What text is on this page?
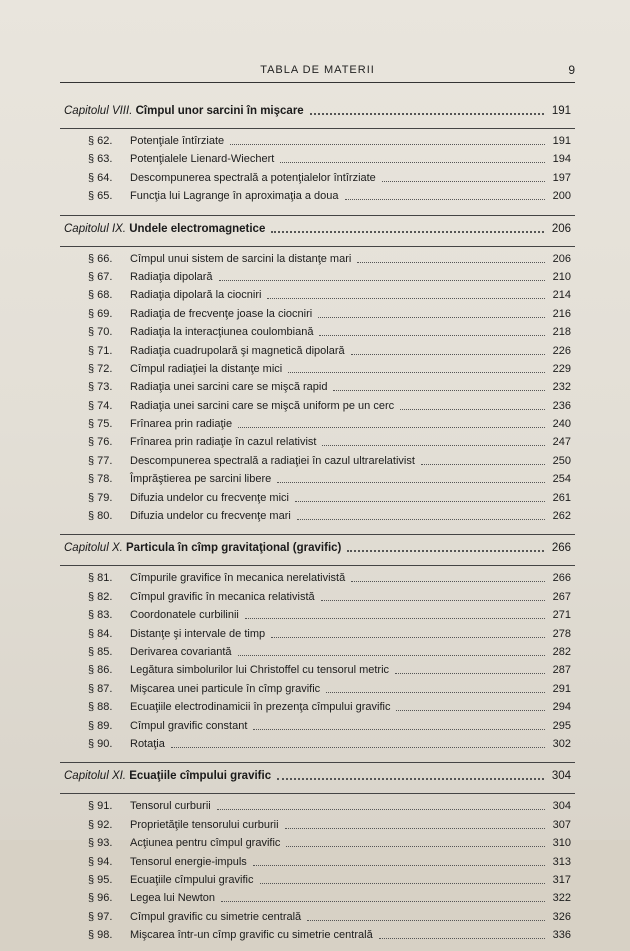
TABLA DE MATERII	9
Capitolul VIII. Cîmpul unor sarcini în mişcare	191
§ 62. Potenţiale întîrziate	191
§ 63. Potenţialele Lienard-Wiechert	194
§ 64. Descompunerea spectrală a potenţialelor întîrziate	197
§ 65. Funcţia lui Lagrange în aproximaţia a doua	200
Capitolul IX. Undele electromagnetice	206
§ 66. Cîmpul unui sistem de sarcini la distanţe mari	206
§ 67. Radiaţia dipolară	210
§ 68. Radiaţia dipolară la ciocniri	214
§ 69. Radiaţia de frecvenţe joase la ciocniri	216
§ 70. Radiaţia la interacţiunea coulombiană	218
§ 71. Radiaţia cuadrupolară şi magnetică dipolară	226
§ 72. Cîmpul radiaţiei la distanţe mici	229
§ 73. Radiaţia unei sarcini care se mişcă rapid	232
§ 74. Radiaţia unei sarcini care se mişcă uniform pe un cerc	236
§ 75. Frînarea prin radiaţie	240
§ 76. Frînarea prin radiaţie în cazul relativist	247
§ 77. Descompunerea spectrală a radiaţiei în cazul ultrarelativist	250
§ 78. Împrăştierea pe sarcini libere	254
§ 79. Difuzia undelor cu frecvenţe mici	261
§ 80. Difuzia undelor cu frecvenţe mari	262
Capitolul X. Particula în cîmp gravitaţional (gravific)	266
§ 81. Cîmpurile gravifice în mecanica nerelativistă	266
§ 82. Cîmpul gravific în mecanica relativistă	267
§ 83. Coordonatele curbilinii	271
§ 84. Distanţe şi intervale de timp	278
§ 85. Derivarea covariantă	282
§ 86. Legătura simbolurilor lui Christoffel cu tensorul metric	287
§ 87. Mişcarea unei particule în cîmp gravific	291
§ 88. Ecuaţiile electrodinamicii în prezenţa cîmpului gravific	294
§ 89. Cîmpul gravific constant	295
§ 90. Rotaţia	302
Capitolul XI. Ecuaţiile cîmpului gravific	304
§ 91. Tensorul curburii	304
§ 92. Proprietăţile tensorului curburii	307
§ 93. Acţiunea pentru cîmpul gravific	310
§ 94. Tensorul energie-impuls	313
§ 95. Ecuaţiile cîmpului gravific	317
§ 96. Legea lui Newton	322
§ 97. Cîmpul gravific cu simetrie centrală	326
§ 98. Mişcarea într-un cîmp gravific cu simetrie centrală	336
